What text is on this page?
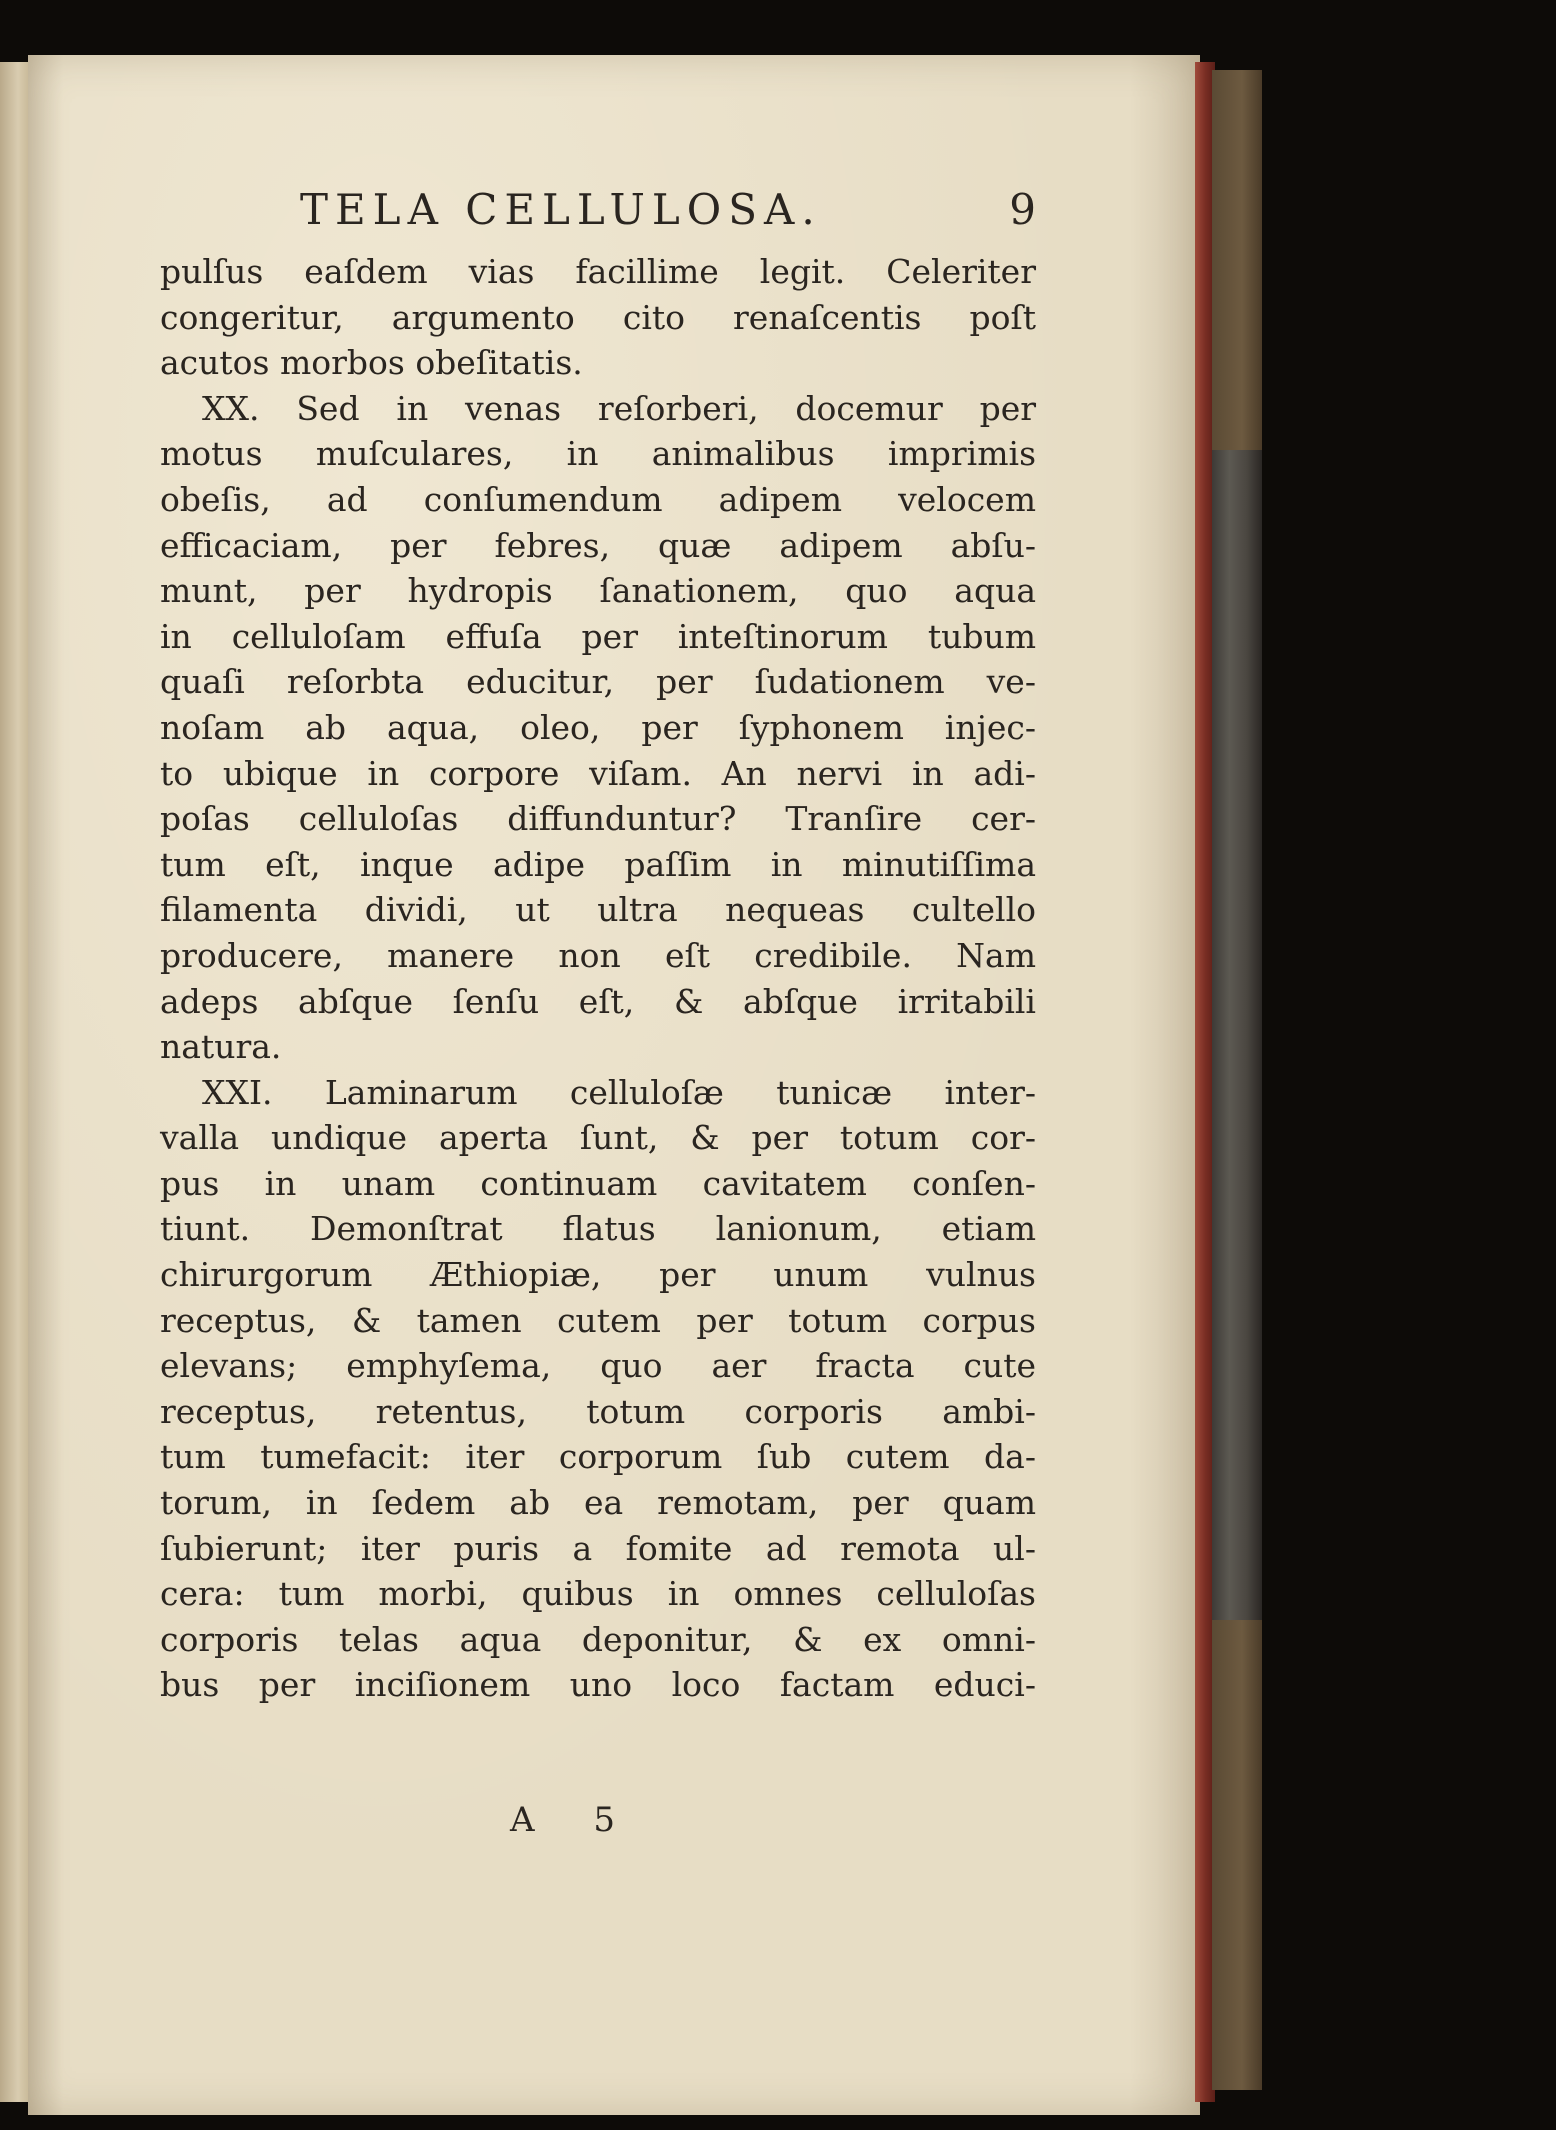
TELA CELLULOSA.	9
pulſus eaſdem vias facillime legit. Celeriter
congeritur, argumento cito renaſcentis poſt
acutos morbos obeſitatis.
XX. Sed in venas reſorberi, docemur per
motus muſculares, in animalibus imprimis
obeſis, ad conſumendum adipem velocem
efficaciam, per febres, quæ adipem abſu-
munt, per hydropis ſanationem, quo aqua
in celluloſam effuſa per inteſtinorum tubum
quaſi reſorbta educitur, per ſudationem ve-
noſam ab aqua, oleo, per ſyphonem injec-
to ubique in corpore viſam. An nervi in adi-
poſas celluloſas diffunduntur? Tranſire cer-
tum eſt, inque adipe paſſim in minutiſſima
filamenta dividi, ut ultra nequeas cultello
producere, manere non eſt credibile. Nam
adeps abſque ſenſu eſt, & abſque irritabili
natura.
XXI. Laminarum celluloſæ tunicæ inter-
valla undique aperta ſunt, & per totum cor-
pus in unam continuam cavitatem conſen-
tiunt. Demonſtrat flatus lanionum, etiam
chirurgorum Æthiopiæ, per unum vulnus
receptus, & tamen cutem per totum corpus
elevans; emphyſema, quo aer fracta cute
receptus, retentus, totum corporis ambi-
tum tumefacit: iter corporum ſub cutem da-
torum, in ſedem ab ea remotam, per quam
ſubierunt; iter puris a fomite ad remota ul-
cera: tum morbi, quibus in omnes celluloſas
corporis telas aqua deponitur, & ex omni-
bus per inciſionem uno loco factam educi-
A 5
